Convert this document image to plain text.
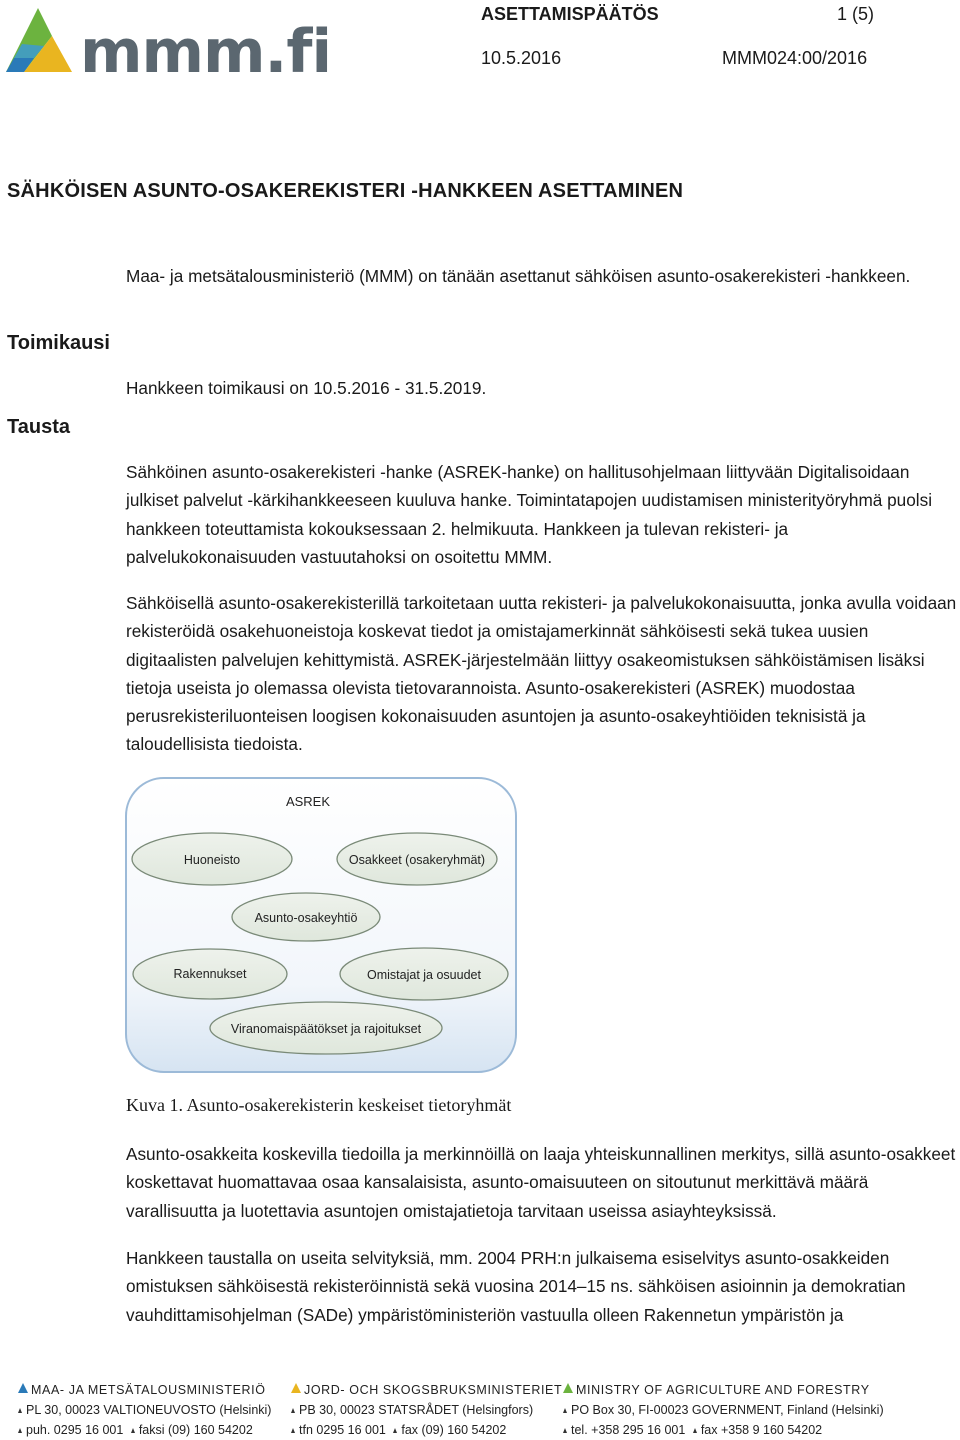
mmm.fi
ASETTAMISPÄÄTÖS	1 (5)
10.5.2016	MMM024:00/2016
SÄHKÖISEN ASUNTO-OSAKEREKISTERI -HANKKEEN ASETTAMINEN
Toimikausi
Tausta
Maa- ja metsätalousministeriö (MMM) on tänään asettanut sähköisen asunto-osakerekisteri -hankkeen.
Hankkeen toimikausi on 10.5.2016 - 31.5.2019.
Sähköinen asunto-osakerekisteri -hanke (ASREK-hanke) on hallitusohjelmaan liittyvään Digitalisoidaan julkiset palvelut -kärkihankkeeseen kuuluva hanke. Toimintatapojen uudistamisen ministerityöryhmä puolsi hankkeen toteuttamista kokouksessaan 2. helmikuuta. Hankkeen ja tulevan rekisteri- ja palvelukokonaisuuden vastuutahoksi on osoitettu MMM.
Sähköisellä asunto-osakerekisterillä tarkoitetaan uutta rekisteri- ja palvelukokonaisuutta, jonka avulla voidaan rekisteröidä osakehuoneistoja koskevat tiedot ja omistajamerkinnät sähköisesti sekä tukea uusien digitaalisten palvelujen kehittymistä. ASREK-järjestelmään liittyy osakeomistuksen sähköistämisen lisäksi tietoja useista jo olemassa olevista tietovarannoista. Asunto-osakerekisteri (ASREK) muodostaa perusrekisteriluonteisen loogisen kokonaisuuden asuntojen ja asunto-osakeyhtiöiden teknisistä ja taloudellisista tiedoista.
ASREK
Huoneisto	Osakkeet (osakeryhmät)
Asunto-osakeyhtiö
Rakennukset	Omistajat ja osuudet
Viranomaispäätökset ja rajoitukset
Kuva 1. Asunto-osakerekisterin keskeiset tietoryhmät
Asunto-osakkeita koskevilla tiedoilla ja merkinnöillä on laaja yhteiskunnallinen merkitys, sillä asunto-osakkeet koskettavat huomattavaa osaa kansalaisista, asunto-omaisuuteen on sitoutunut merkittävä määrä varallisuutta ja luotettavia asuntojen omistajatietoja tarvitaan useissa asiayhteyksissä.
Hankkeen taustalla on useita selvityksiä, mm. 2004 PRH:n julkaisema esiselvitys asunto-osakkeiden omistuksen sähköisestä rekisteröinnistä sekä vuosina 2014–15 ns. sähköisen asioinnin ja demokratian vauhdittamisohjelman (SADe) ympäristöministeriön vastuulla olleen Rakennetun ympäristön ja
MAA- JA METSÄTALOUSMINISTERIÖ
PL 30, 00023 VALTIONEUVOSTO (Helsinki)
puh. 0295 16 001 faksi (09) 160 54202
JORD- OCH SKOGSBRUKSMINISTERIET
PB 30, 00023 STATSRÅDET (Helsingfors)
tfn 0295 16 001 fax (09) 160 54202
MINISTRY OF AGRICULTURE AND FORESTRY
PO Box 30, FI-00023 GOVERNMENT, Finland (Helsinki)
tel. +358 295 16 001 fax +358 9 160 54202
